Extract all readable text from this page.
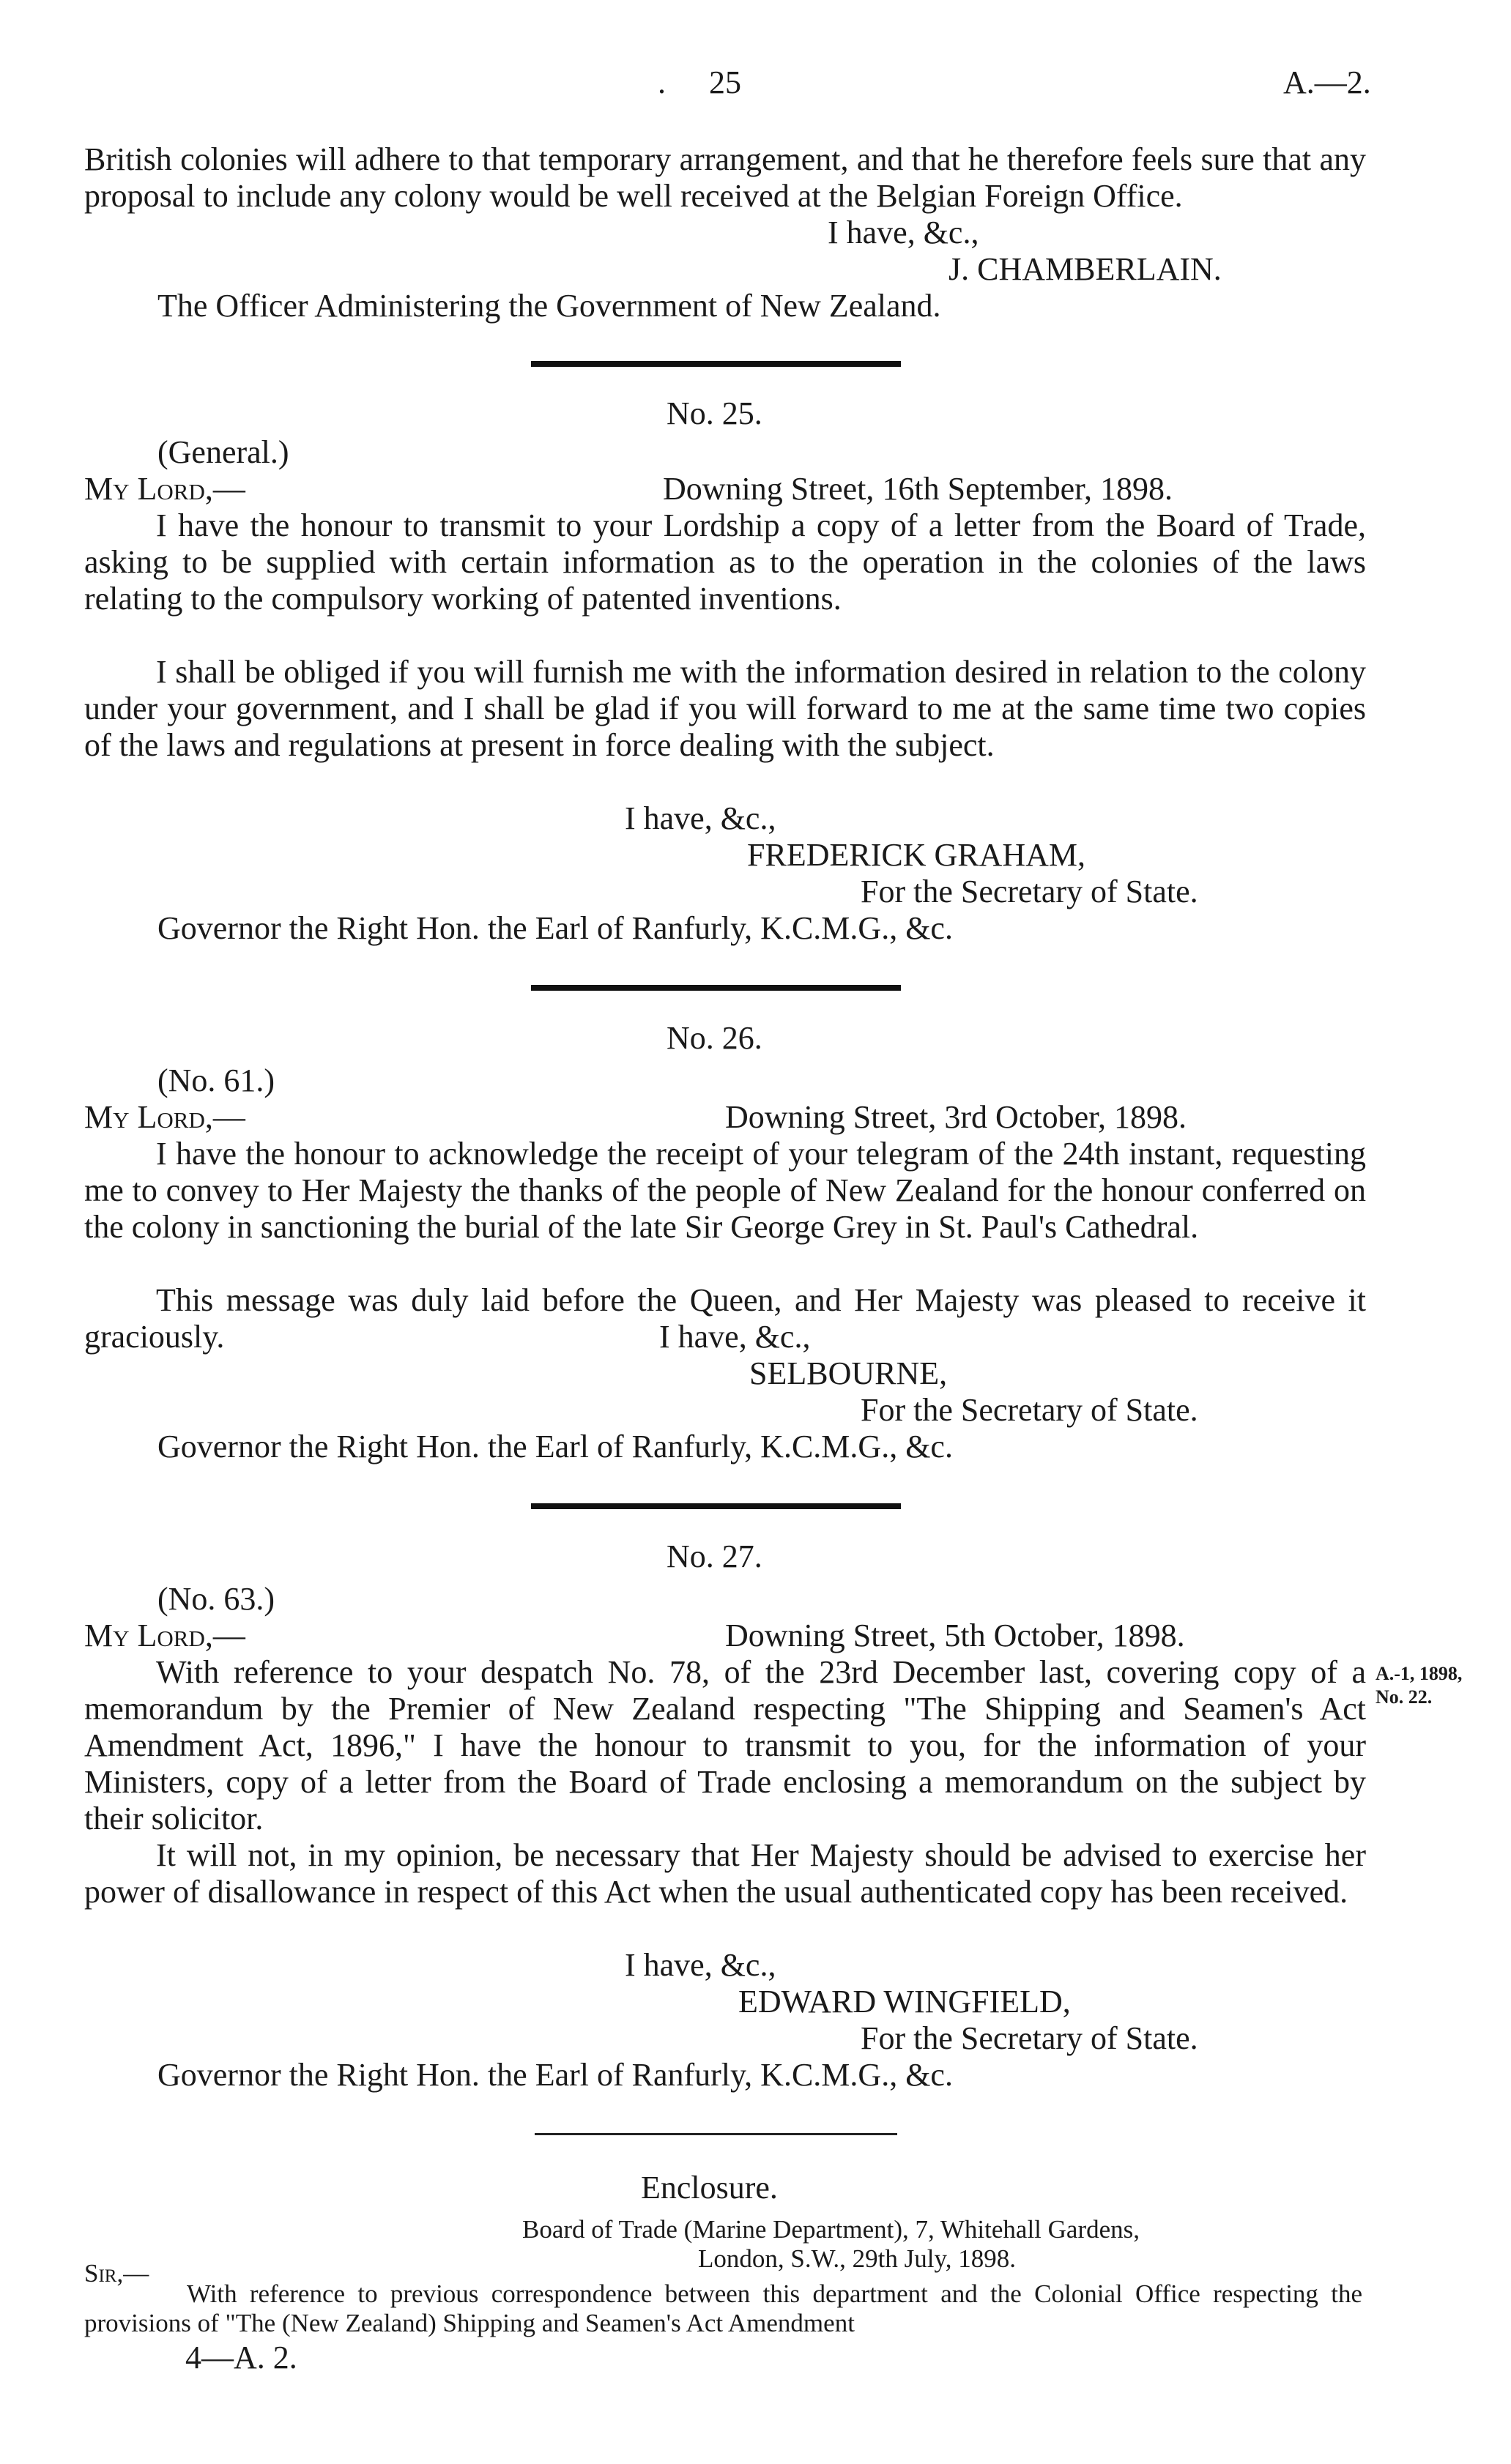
. 25	A.—2.
British colonies will adhere to that temporary arrangement, and that he therefore feels sure that any proposal to include any colony would be well received at the Belgian Foreign Office.
I have, &c.,
J. CHAMBERLAIN.
The Officer Administering the Government of New Zealand.
No. 25.
(General.)
My Lord,—	Downing Street, 16th September, 1898.
I have the honour to transmit to your Lordship a copy of a letter from the Board of Trade, asking to be supplied with certain information as to the operation in the colonies of the laws relating to the compulsory working of patented inventions.
I shall be obliged if you will furnish me with the information desired in relation to the colony under your government, and I shall be glad if you will forward to me at the same time two copies of the laws and regulations at present in force dealing with the subject.
I have, &c.,
FREDERICK GRAHAM,
For the Secretary of State.
Governor the Right Hon. the Earl of Ranfurly, K.C.M.G., &c.
No. 26.
(No. 61.)
My Lord,—	Downing Street, 3rd October, 1898.
I have the honour to acknowledge the receipt of your telegram of the 24th instant, requesting me to convey to Her Majesty the thanks of the people of New Zealand for the honour conferred on the colony in sanctioning the burial of the late Sir George Grey in St. Paul's Cathedral.
This message was duly laid before the Queen, and Her Majesty was pleased to receive it graciously.	I have, &c.,
SELBOURNE,
For the Secretary of State.
Governor the Right Hon. the Earl of Ranfurly, K.C.M.G., &c.
No. 27.
(No. 63.)
My Lord,—	Downing Street, 5th October, 1898.
With reference to your despatch No. 78, of the 23rd December last, covering copy of a memorandum by the Premier of New Zealand respecting "The Shipping and Seamen's Act Amendment Act, 1896," I have the honour to transmit to you, for the information of your Ministers, copy of a letter from the Board of Trade enclosing a memorandum on the subject by their solicitor.
A.-1, 1898,
No. 22.
It will not, in my opinion, be necessary that Her Majesty should be advised to exercise her power of disallowance in respect of this Act when the usual authenticated copy has been received.
I have, &c.,
EDWARD WINGFIELD,
For the Secretary of State.
Governor the Right Hon. the Earl of Ranfurly, K.C.M.G., &c.
Enclosure.
Board of Trade (Marine Department), 7, Whitehall Gardens,
London, S.W., 29th July, 1898.
Sir,—
With reference to previous correspondence between this department and the Colonial Office respecting the provisions of "The (New Zealand) Shipping and Seamen's Act Amendment
4—A. 2.
